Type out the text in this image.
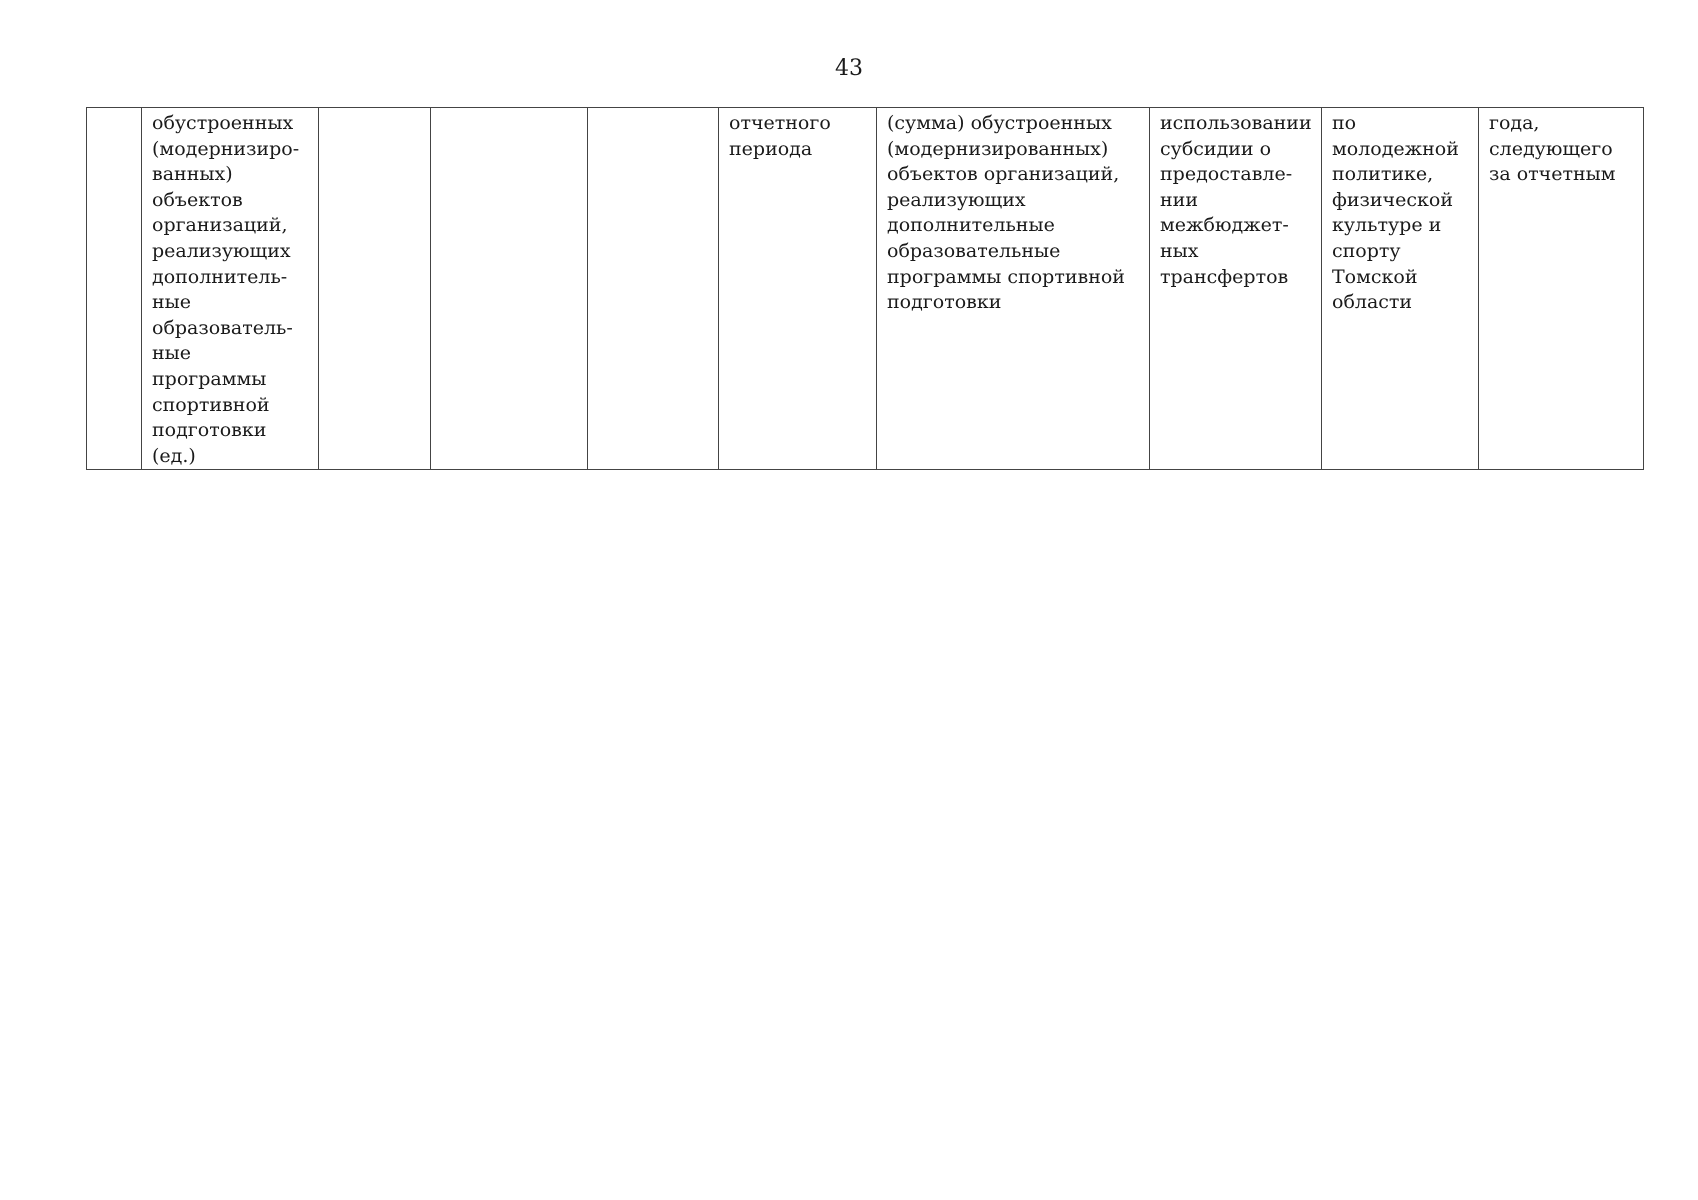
43
	обустроенных
(модернизиро-
ванных)
объектов
организаций,
реализующих
дополнитель-
ные
образователь-
ные программы
спортивной
подготовки
(ед.)				отчетного
периода	(сумма) обустроенных
(модернизированных)
объектов организаций,
реализующих
дополнительные
образовательные
программы спортивной
подготовки	использовании
субсидии о
предоставле-
нии
межбюджет-
ных
трансфертов	по
молодежной
политике,
физической
культуре и
спорту
Томской
области	года,
следующего
за отчетным
